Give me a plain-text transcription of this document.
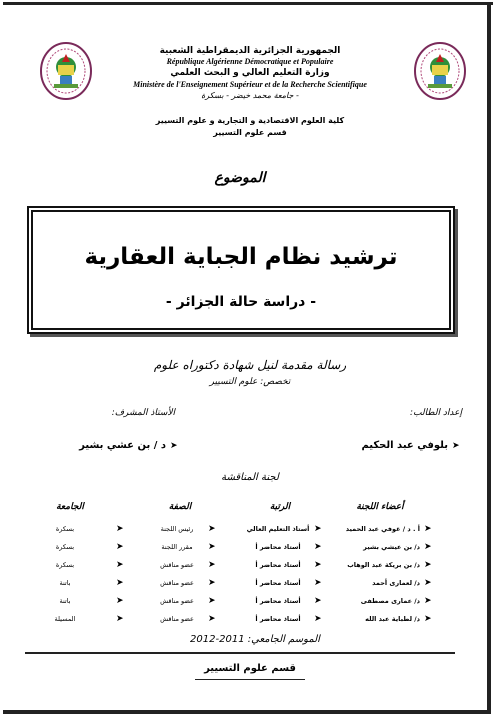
الجمهورية الجزائرية الديمقراطية الشعبية
République Algérienne Démocratique et Populaire
وزارة التعليم العالي و البحث العلمي
Ministère de l'Enseignement Supérieur et de la Recherche Scientifique
جامعة محمد خيضر - بسكرة -
كلية العلوم الاقتصادية و التجارية و علوم التسيير
قسم علوم التسيير
الموضوع
ترشيد نظام الجباية العقارية
- دراسة حالة الجزائر -
رسالة مقدمة لنيل شهادة دكتوراه علوم
تخصص: علوم التسيير
إعداد الطالب:
الأستاذ المشرف:
➤
بلوفي عبد الحكيم
➤
د / بن عشي بشير
لجنة المناقشة
أعضاء اللجنة
الرتبة
الصفة
الجامعة
➤
أ . د / غوفي عبد الحميد
➤
أستاذ التعليم العالي
➤
رئيس اللجنة
➤
بسكرة
➤
د/ بن عيشي بشير
➤
أستاذ محاضر أ
➤
مقرر اللجنة
➤
بسكرة
➤
د/ بن بريكة عبد الوهاب
➤
أستاذ محاضر أ
➤
عضو مناقش
➤
بسكرة
➤
د/ لعمارى أحمد
➤
أستاذ محاضر أ
➤
عضو مناقش
➤
باتنة
➤
د/ عمارى مصطفى
➤
أستاذ محاضر أ
➤
عضو مناقش
➤
باتنة
➤
د/ لطباية عبد الله
➤
أستاذ محاضر أ
➤
عضو مناقش
➤
المسيلة
الموسم الجامعي: 2011-2012
قسم علوم التسيير
